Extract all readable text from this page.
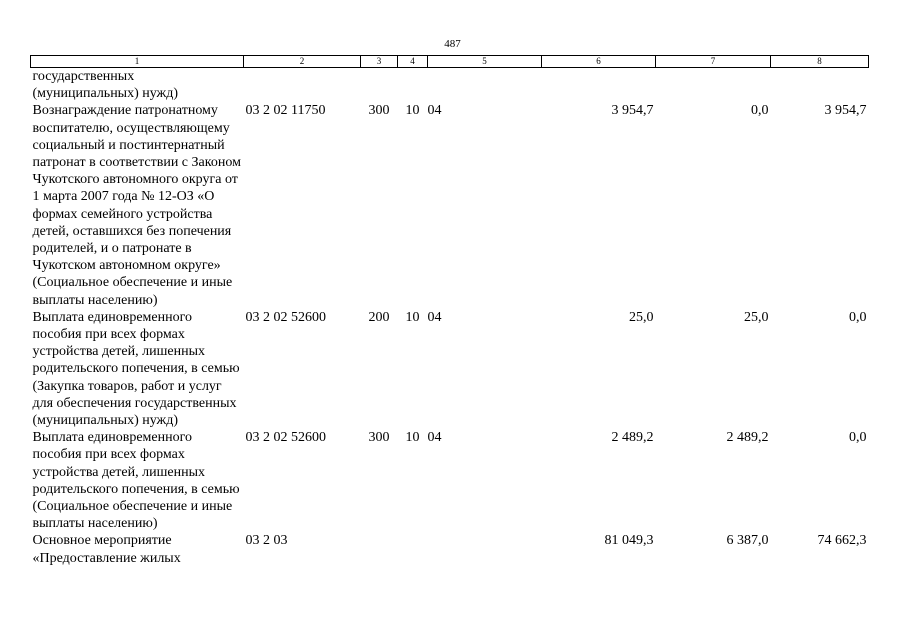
487
1	2	3	4	5	6	7	8
государственных (муниципальных) нужд)							
Вознаграждение патронатному воспитателю, осуществляющему социальный и постинтернатный патронат в соответствии с Законом Чукотского автономного округа от 1 марта 2007 года № 12-ОЗ «О формах семейного устройства детей, оставшихся без попечения родителей, и о патронате в Чукотском автономном округе» (Социальное обеспечение и иные выплаты населению)	03 2 02 11750	300	10	04	3 954,7	0,0	3 954,7
Выплата единовременного пособия при всех формах устройства детей, лишенных родительского попечения, в семью (Закупка товаров, работ и услуг для обеспечения государственных (муниципальных) нужд)	03 2 02 52600	200	10	04	25,0	25,0	0,0
Выплата единовременного пособия при всех формах устройства детей, лишенных родительского попечения, в семью (Социальное обеспечение и иные выплаты населению)	03 2 02 52600	300	10	04	2 489,2	2 489,2	0,0
Основное мероприятие «Предоставление жилых	03 2 03				81 049,3	6 387,0	74 662,3
